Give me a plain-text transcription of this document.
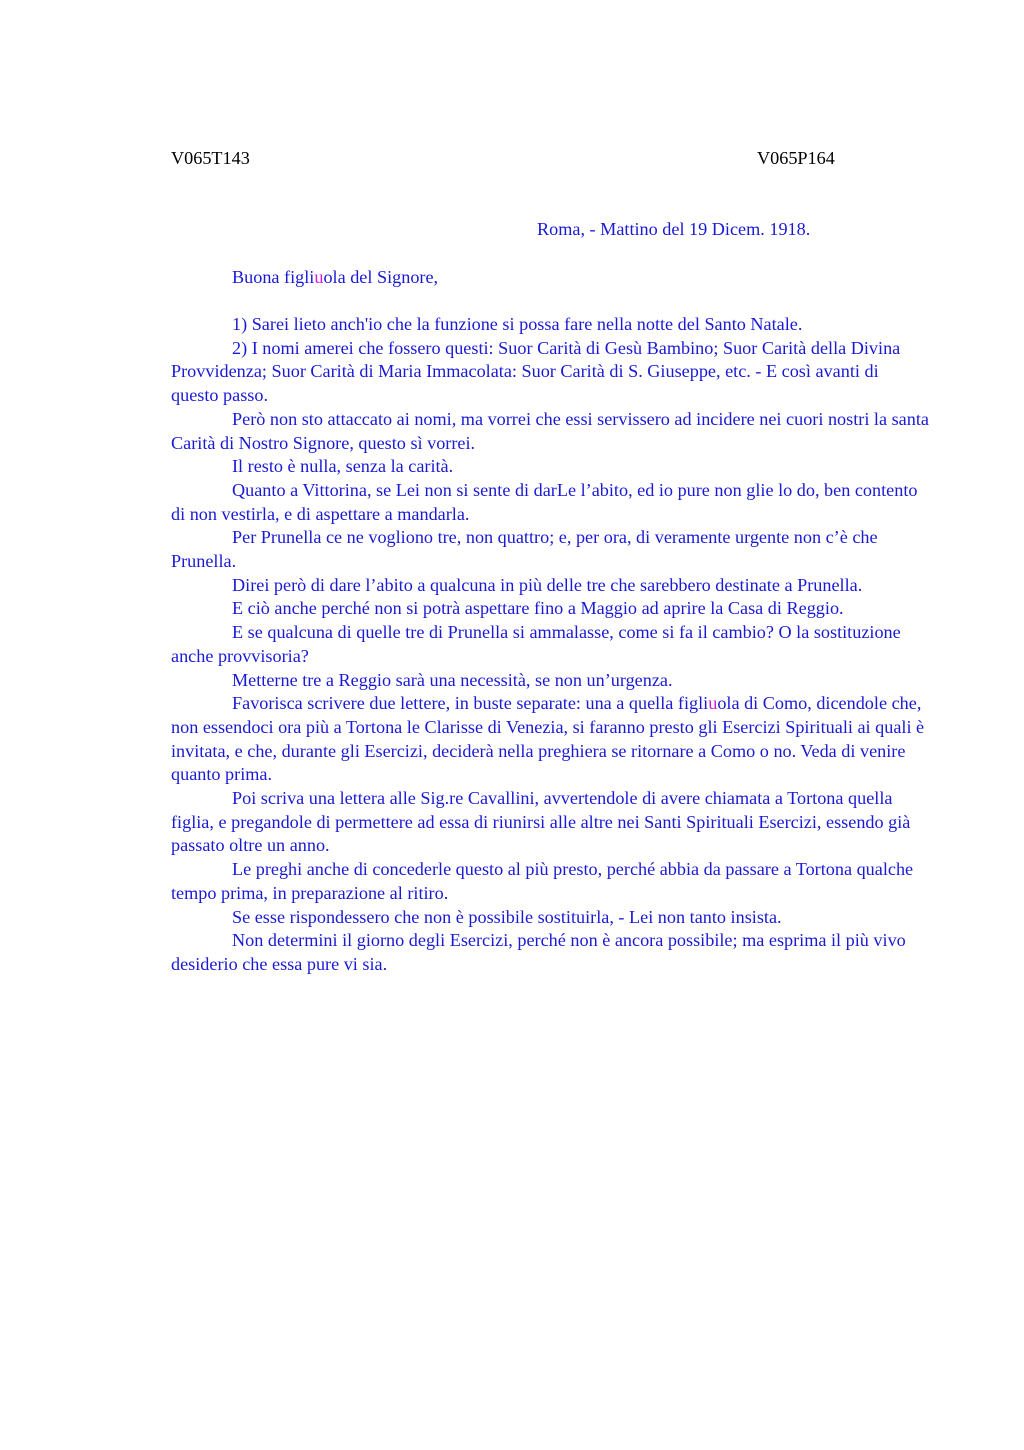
V065T143	V065P164
Roma, - Mattino del 19 Dicem. 1918.
Buona figliuola del Signore,

1) Sarei lieto anch'io che la funzione si possa fare nella notte del Santo Natale.

2) I nomi amerei che fossero questi: Suor Carità di Gesù Bambino; Suor Carità della Divina Provvidenza; Suor Carità di Maria Immacolata: Suor Carità di S. Giuseppe, etc. - E così avanti di questo passo.

Però non sto attaccato ai nomi, ma vorrei che essi servissero ad incidere nei cuori nostri la santa Carità di Nostro Signore, questo sì vorrei.

Il resto è nulla, senza la carità.

Quanto a Vittorina, se Lei non si sente di darLe l’abito, ed io pure non glie lo do, ben contento di non vestirla, e di aspettare a mandarla.

Per Prunella ce ne vogliono tre, non quattro; e, per ora, di veramente urgente non c’è che Prunella.

Direi però di dare l’abito a qualcuna in più delle tre che sarebbero destinate a Prunella.

E ciò anche perché non si potrà aspettare fino a Maggio ad aprire la Casa di Reggio.

E se qualcuna di quelle tre di Prunella si ammalasse, come si fa il cambio? O la sostituzione anche provvisoria?

Metterne tre a Reggio sarà una necessità, se non un’urgenza.

Favorisca scrivere due lettere, in buste separate: una a quella figliuola di Como, dicendole che, non essendoci ora più a Tortona le Clarisse di Venezia, si faranno presto gli Esercizi Spirituali ai quali è invitata, e che, durante gli Esercizi, deciderà nella preghiera se ritornare a Como o no. Veda di venire quanto prima.

Poi scriva una lettera alle Sig.re Cavallini, avvertendole di avere chiamata a Tortona quella figlia, e pregandole di permettere ad essa di riunirsi alle altre nei Santi Spirituali Esercizi, essendo già passato oltre un anno.

Le preghi anche di concederle questo al più presto, perché abbia da passare a Tortona qualche tempo prima, in preparazione al ritiro.

Se esse rispondessero che non è possibile sostituirla, - Lei non tanto insista.

Non determini il giorno degli Esercizi, perché non è ancora possibile; ma esprima il più vivo desiderio che essa pure vi sia.
